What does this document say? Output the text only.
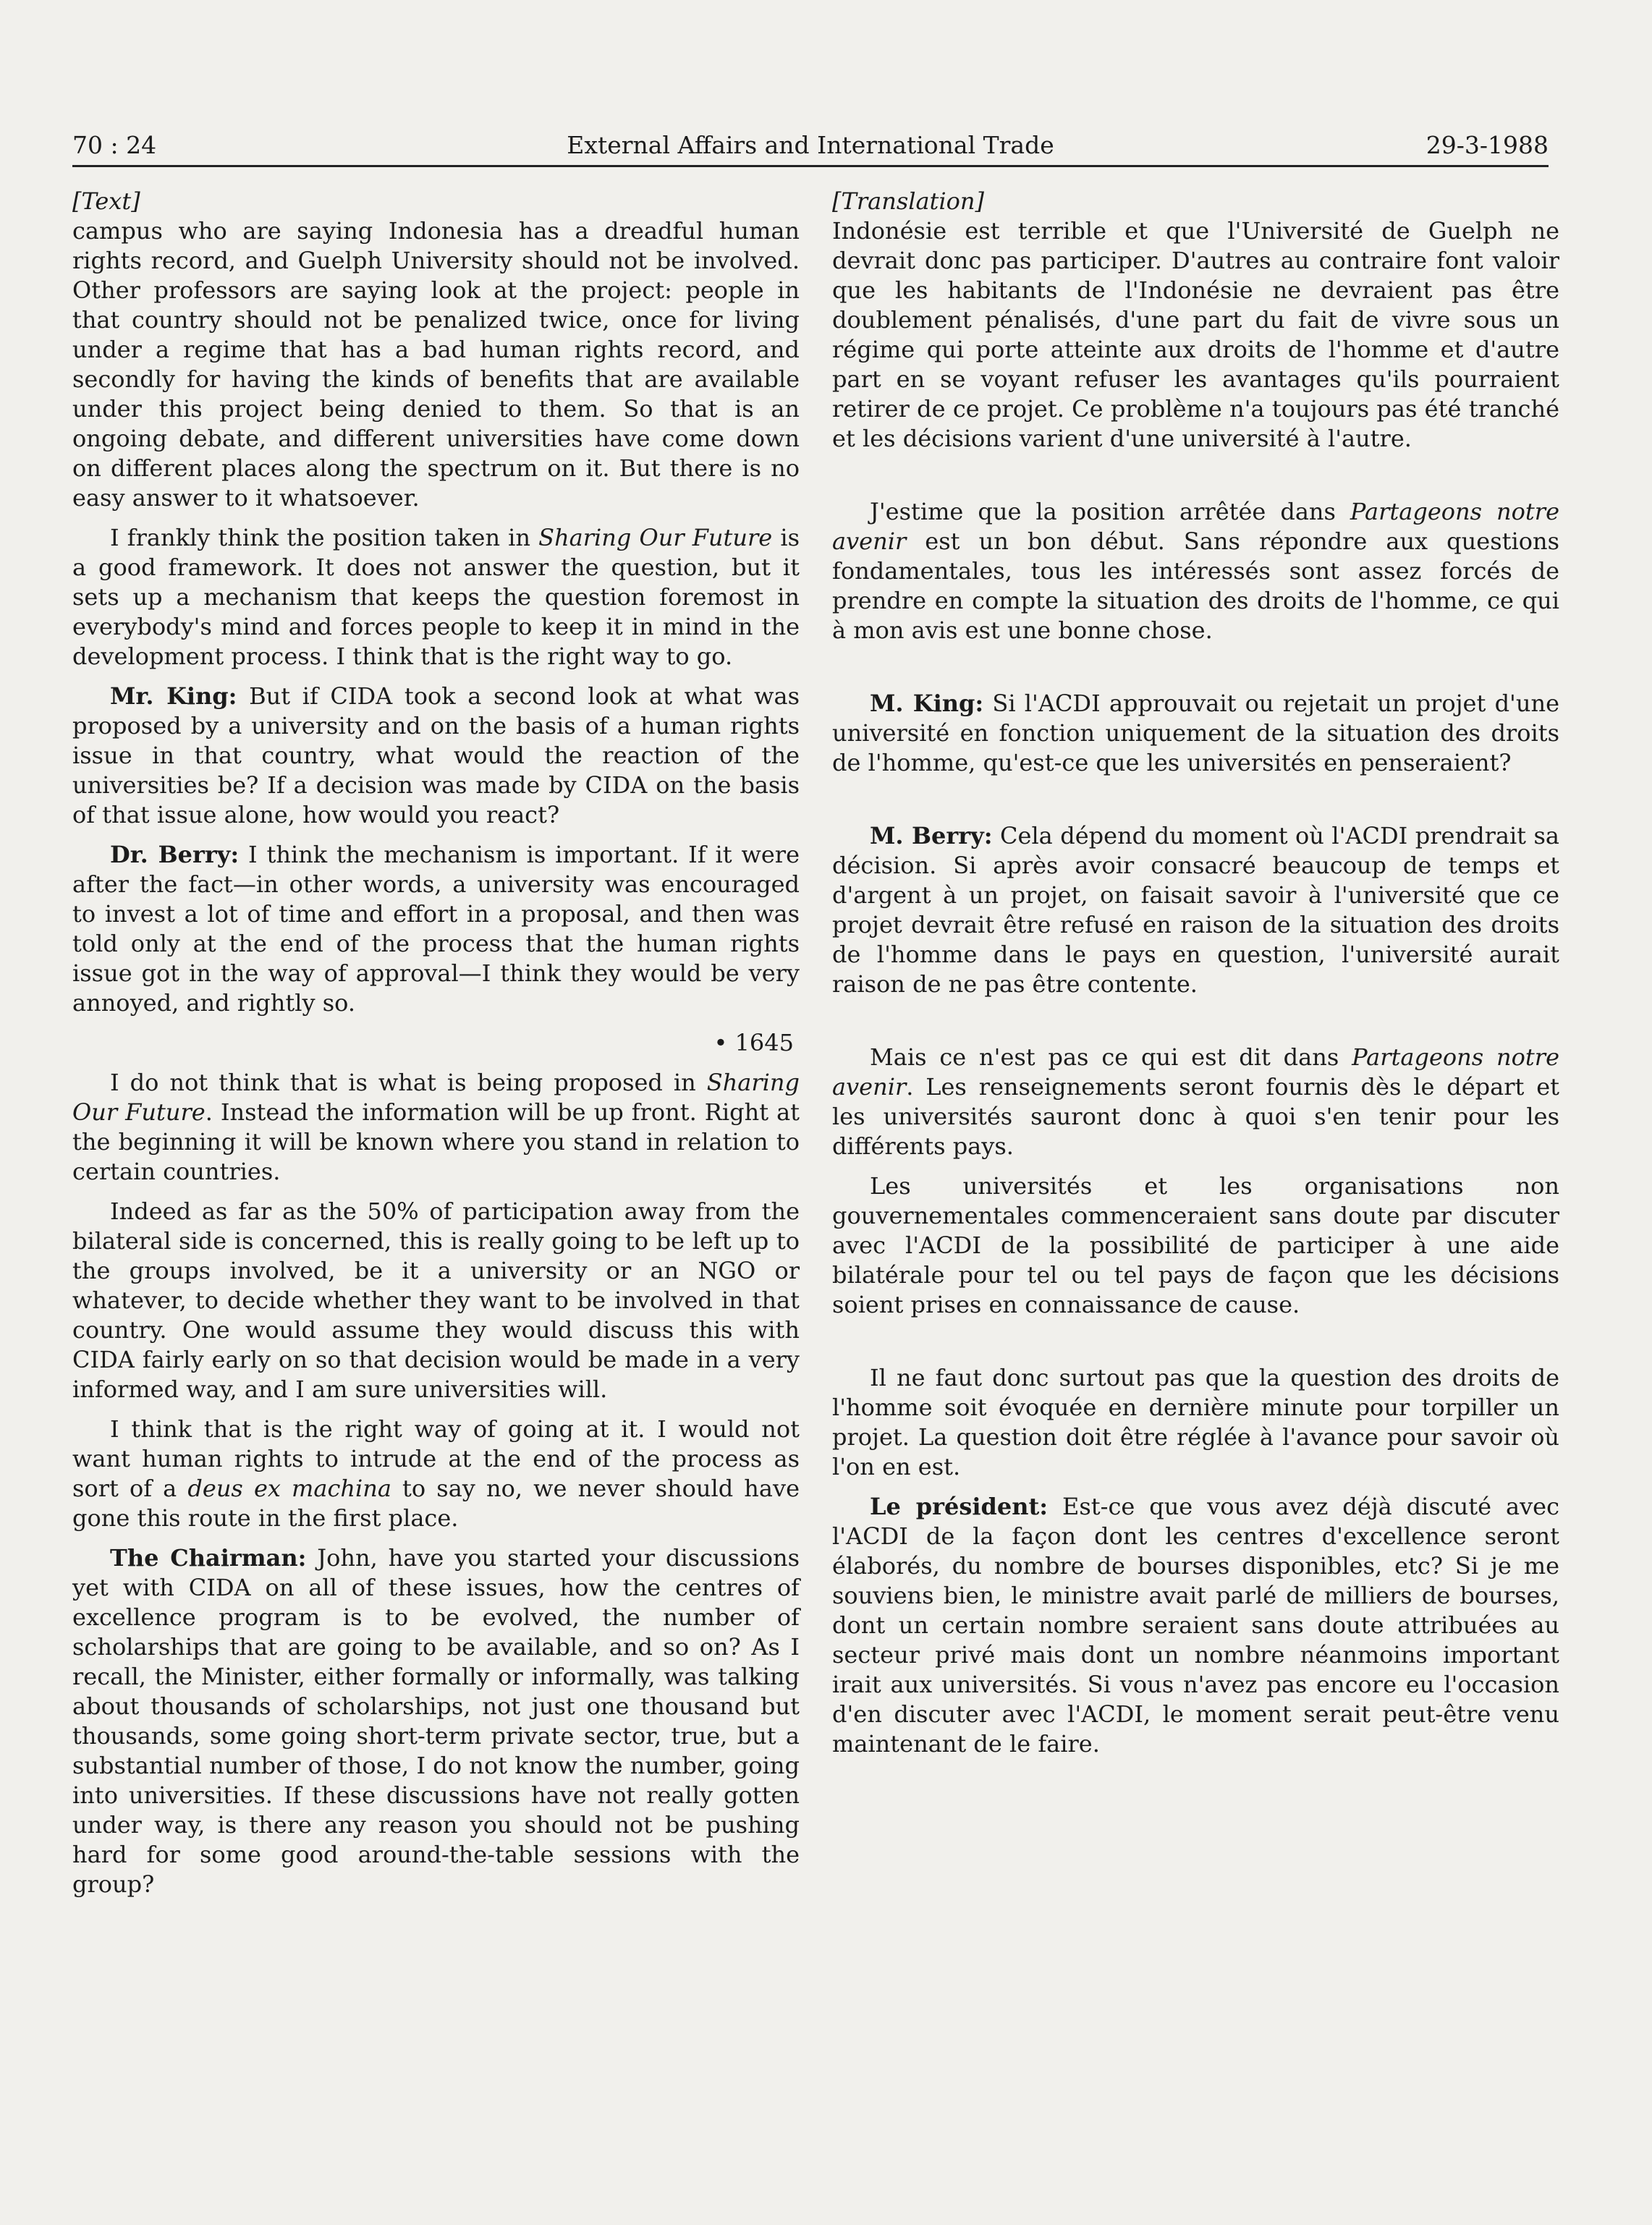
70 : 24	External Affairs and International Trade	29-3-1988
[Text]

campus who are saying Indonesia has a dreadful human rights record, and Guelph University should not be involved. Other professors are saying look at the project: people in that country should not be penalized twice, once for living under a regime that has a bad human rights record, and secondly for having the kinds of benefits that are available under this project being denied to them. So that is an ongoing debate, and different universities have come down on different places along the spectrum on it. But there is no easy answer to it whatsoever.

I frankly think the position taken in Sharing Our Future is a good framework. It does not answer the question, but it sets up a mechanism that keeps the question foremost in everybody's mind and forces people to keep it in mind in the development process. I think that is the right way to go.

Mr. King: But if CIDA took a second look at what was proposed by a university and on the basis of a human rights issue in that country, what would the reaction of the universities be? If a decision was made by CIDA on the basis of that issue alone, how would you react?

Dr. Berry: I think the mechanism is important. If it were after the fact—in other words, a university was encouraged to invest a lot of time and effort in a proposal, and then was told only at the end of the process that the human rights issue got in the way of approval—I think they would be very annoyed, and rightly so.

• 1645

I do not think that is what is being proposed in Sharing Our Future. Instead the information will be up front. Right at the beginning it will be known where you stand in relation to certain countries.

Indeed as far as the 50% of participation away from the bilateral side is concerned, this is really going to be left up to the groups involved, be it a university or an NGO or whatever, to decide whether they want to be involved in that country. One would assume they would discuss this with CIDA fairly early on so that decision would be made in a very informed way, and I am sure universities will.

I think that is the right way of going at it. I would not want human rights to intrude at the end of the process as sort of a deus ex machina to say no, we never should have gone this route in the first place.

The Chairman: John, have you started your discussions yet with CIDA on all of these issues, how the centres of excellence program is to be evolved, the number of scholarships that are going to be available, and so on? As I recall, the Minister, either formally or informally, was talking about thousands of scholarships, not just one thousand but thousands, some going short-term private sector, true, but a substantial number of those, I do not know the number, going into universities. If these discussions have not really gotten under way, is there any reason you should not be pushing hard for some good around-the-table sessions with the group?

[Translation]

Indonésie est terrible et que l'Université de Guelph ne devrait donc pas participer. D'autres au contraire font valoir que les habitants de l'Indonésie ne devraient pas être doublement pénalisés, d'une part du fait de vivre sous un régime qui porte atteinte aux droits de l'homme et d'autre part en se voyant refuser les avantages qu'ils pourraient retirer de ce projet. Ce problème n'a toujours pas été tranché et les décisions varient d'une université à l'autre.

J'estime que la position arrêtée dans Partageons notre avenir est un bon début. Sans répondre aux questions fondamentales, tous les intéressés sont assez forcés de prendre en compte la situation des droits de l'homme, ce qui à mon avis est une bonne chose.

M. King: Si l'ACDI approuvait ou rejetait un projet d'une université en fonction uniquement de la situation des droits de l'homme, qu'est-ce que les universités en penseraient?

M. Berry: Cela dépend du moment où l'ACDI prendrait sa décision. Si après avoir consacré beaucoup de temps et d'argent à un projet, on faisait savoir à l'université que ce projet devrait être refusé en raison de la situation des droits de l'homme dans le pays en question, l'université aurait raison de ne pas être contente.

Mais ce n'est pas ce qui est dit dans Partageons notre avenir. Les renseignements seront fournis dès le départ et les universités sauront donc à quoi s'en tenir pour les différents pays.

Les universités et les organisations non gouvernementales commenceraient sans doute par discuter avec l'ACDI de la possibilité de participer à une aide bilatérale pour tel ou tel pays de façon que les décisions soient prises en connaissance de cause.

Il ne faut donc surtout pas que la question des droits de l'homme soit évoquée en dernière minute pour torpiller un projet. La question doit être réglée à l'avance pour savoir où l'on en est.

Le président: Est-ce que vous avez déjà discuté avec l'ACDI de la façon dont les centres d'excellence seront élaborés, du nombre de bourses disponibles, etc? Si je me souviens bien, le ministre avait parlé de milliers de bourses, dont un certain nombre seraient sans doute attribuées au secteur privé mais dont un nombre néanmoins important irait aux universités. Si vous n'avez pas encore eu l'occasion d'en discuter avec l'ACDI, le moment serait peut-être venu maintenant de le faire.
